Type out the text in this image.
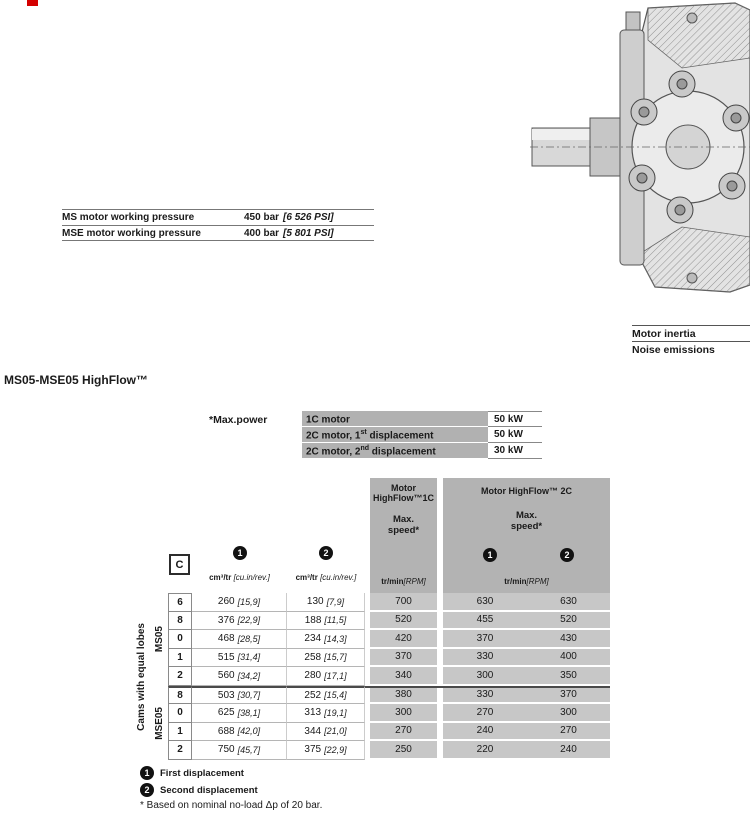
MS motor working pressure	450 bar [6 526 PSI]
MSE motor working pressure	400 bar [5 801 PSI]
Motor inertia
Noise emissions
MS05-MSE05 HighFlow™
*Max.power	1C motor	50 kW
2C motor, 1st displacement	50 kW
2C motor, 2nd displacement	30 kW
Motor
HighFlow™1C
Max.
speed*
tr/min[RPM]
Motor HighFlow™ 2C
Max.
speed*
1	2
tr/min[RPM]
C
1	2
cm³/tr [cu.in/rev.]	cm³/tr [cu.in/rev.]
Cams with equal lobes MS05
MSE05
6	260 [15,9]	130 [7,9]	700	630	630
8	376 [22,9]	188 [11,5]	520	455	520
0	468 [28,5]	234 [14,3]	420	370	430
1	515 [31,4]	258 [15,7]	370	330	400
2	560 [34,2]	280 [17,1]	340	300	350
8	503 [30,7]	252 [15,4]	380	330	370
0	625 [38,1]	313 [19,1]	300	270	300
1	688 [42,0]	344 [21,0]	270	240	270
2	750 [45,7]	375 [22,9]	250	220	240
1	First displacement
2	Second displacement
* Based on nominal no-load Δp of 20 bar.
